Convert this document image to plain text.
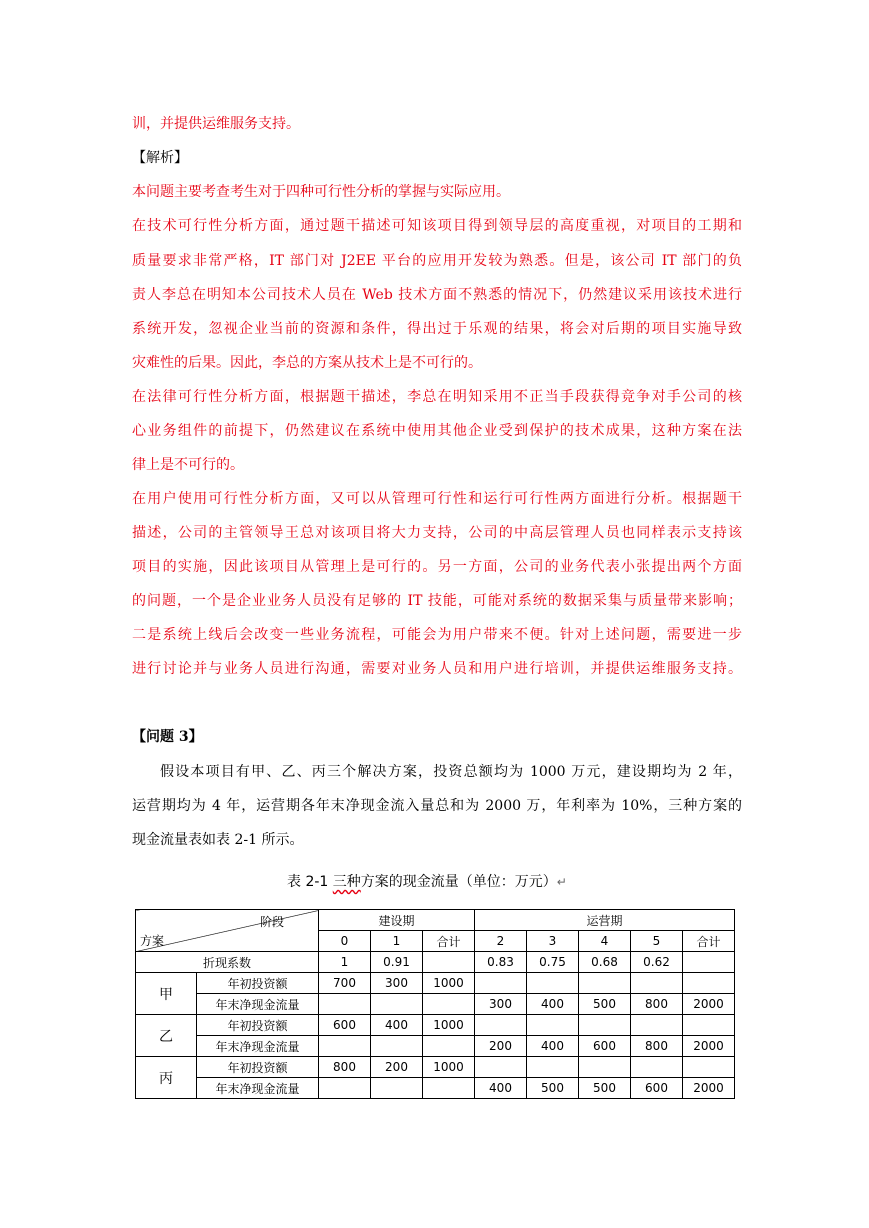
训，并提供运维服务支持。
【解析】
本问题主要考查考生对于四种可行性分析的掌握与实际应用。
在技术可行性分析方面，通过题干描述可知该项目得到领导层的高度重视，对项目的工期和
质量要求非常严格，IT 部门对 J2EE 平台的应用开发较为熟悉。但是，该公司 IT 部门的负
责人李总在明知本公司技术人员在 Web 技术方面不熟悉的情况下，仍然建议采用该技术进行
系统开发，忽视企业当前的资源和条件，得出过于乐观的结果，将会对后期的项目实施导致
灾难性的后果。因此，李总的方案从技术上是不可行的。
在法律可行性分析方面，根据题干描述，李总在明知采用不正当手段获得竞争对手公司的核
心业务组件的前提下，仍然建议在系统中使用其他企业受到保护的技术成果，这种方案在法
律上是不可行的。
在用户使用可行性分析方面，又可以从管理可行性和运行可行性两方面进行分析。根据题干
描述，公司的主管领导王总对该项目将大力支持，公司的中高层管理人员也同样表示支持该
项目的实施，因此该项目从管理上是可行的。另一方面，公司的业务代表小张提出两个方面
的问题，一个是企业业务人员没有足够的 IT 技能，可能对系统的数据采集与质量带来影响；
二是系统上线后会改变一些业务流程，可能会为用户带来不便。针对上述问题，需要进一步
进行讨论并与业务人员进行沟通，需要对业务人员和用户进行培训，并提供运维服务支持。
【问题 3】
假设本项目有甲、乙、丙三个解决方案，投资总额均为 1000 万元，建设期均为 2 年，
运营期均为 4 年，运营期各年末净现金流入量总和为 2000 万，年利率为 10%，三种方案的
现金流量表如表 2-1 所示。
表 2-1 三种方案的现金流量（单位：万元）↵
阶段
方案		建设期			运营期				
		0	1	合计	2	3	4	5	合计
折现系数		1	0.91		0.83	0.75	0.68	0.62	
甲	年初投资额	700	300	1000					
	年末净现金流量				300	400	500	800	2000
乙	年初投资额	600	400	1000					
	年末净现金流量				200	400	600	800	2000
丙	年初投资额	800	200	1000					
	年末净现金流量				400	500	500	600	2000
